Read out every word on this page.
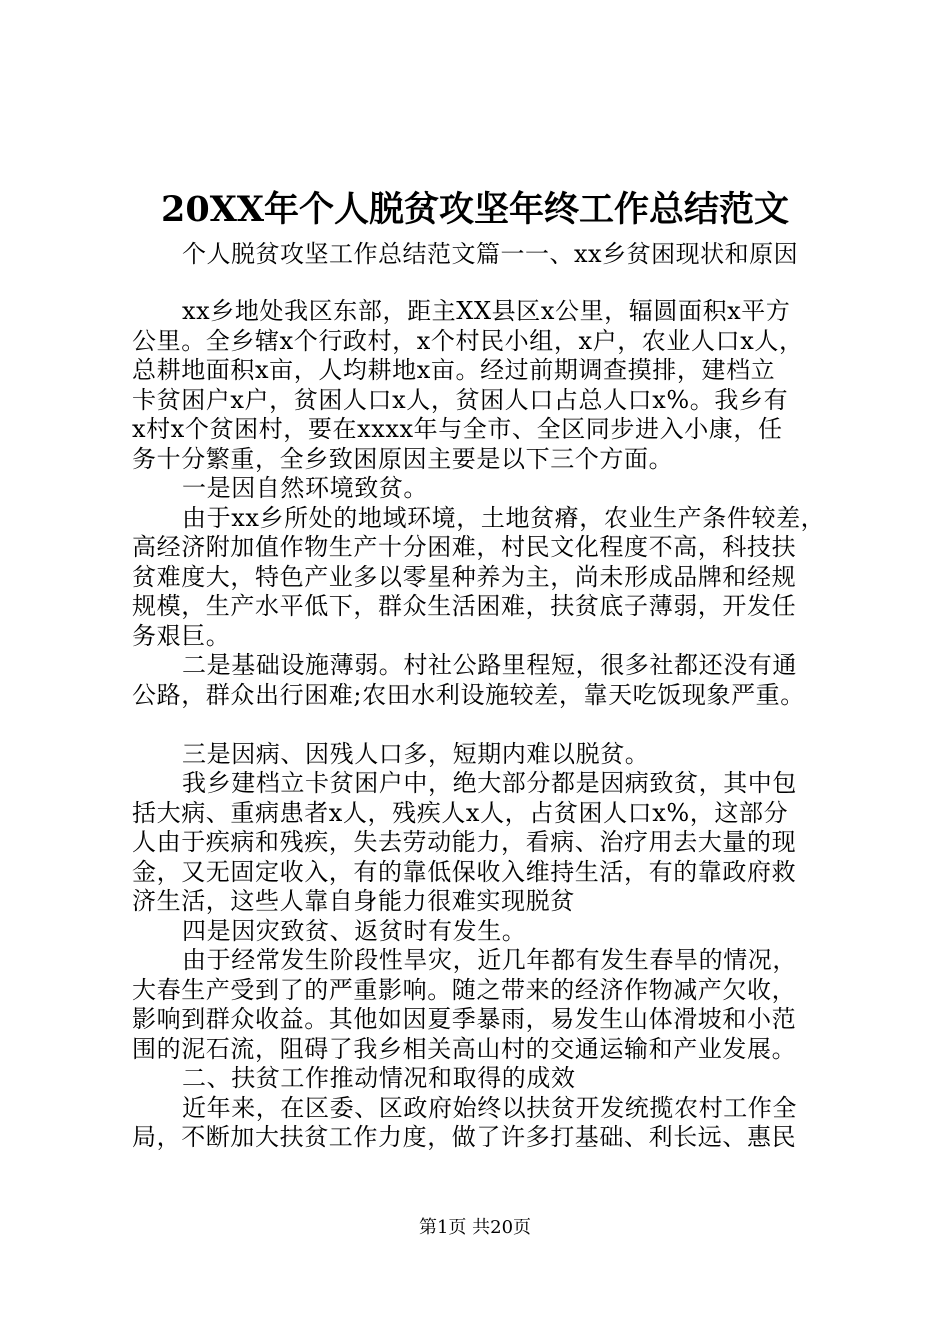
20XX年个人脱贫攻坚年终工作总结范文
个人脱贫攻坚工作总结范文篇一一、xx乡贫困现状和原因
xx乡地处我区东部，距主XX县区x公里，辐圆面积x平方
公里。全乡辖x个行政村，x个村民小组，x户，农业人口x人，
总耕地面积x亩，人均耕地x亩。经过前期调查摸排，建档立
卡贫困户x户，贫困人口x人，贫困人口占总人口x%。我乡有
x村x个贫困村，要在xxxx年与全市、全区同步进入小康，任
务十分繁重，全乡致困原因主要是以下三个方面。
一是因自然环境致贫。
由于xx乡所处的地域环境，土地贫瘠，农业生产条件较差，
高经济附加值作物生产十分困难，村民文化程度不高，科技扶
贫难度大，特色产业多以零星种养为主，尚未形成品牌和经规
规模，生产水平低下，群众生活困难，扶贫底子薄弱，开发任
务艰巨。
二是基础设施薄弱。村社公路里程短，很多社都还没有通
公路，群众出行困难;农田水利设施较差，靠天吃饭现象严重。
三是因病、因残人口多，短期内难以脱贫。
我乡建档立卡贫困户中，绝大部分都是因病致贫，其中包
括大病、重病患者x人，残疾人x人，占贫困人口x%，这部分
人由于疾病和残疾，失去劳动能力，看病、治疗用去大量的现
金，又无固定收入，有的靠低保收入维持生活，有的靠政府救
济生活，这些人靠自身能力很难实现脱贫
四是因灾致贫、返贫时有发生。
由于经常发生阶段性旱灾，近几年都有发生春旱的情况，
大春生产受到了的严重影响。随之带来的经济作物减产欠收，
影响到群众收益。其他如因夏季暴雨，易发生山体滑坡和小范
围的泥石流，阻碍了我乡相关高山村的交通运输和产业发展。
二、扶贫工作推动情况和取得的成效
近年来，在区委、区政府始终以扶贫开发统揽农村工作全
局，不断加大扶贫工作力度，做了许多打基础、利长远、惠民
第1页 共20页
